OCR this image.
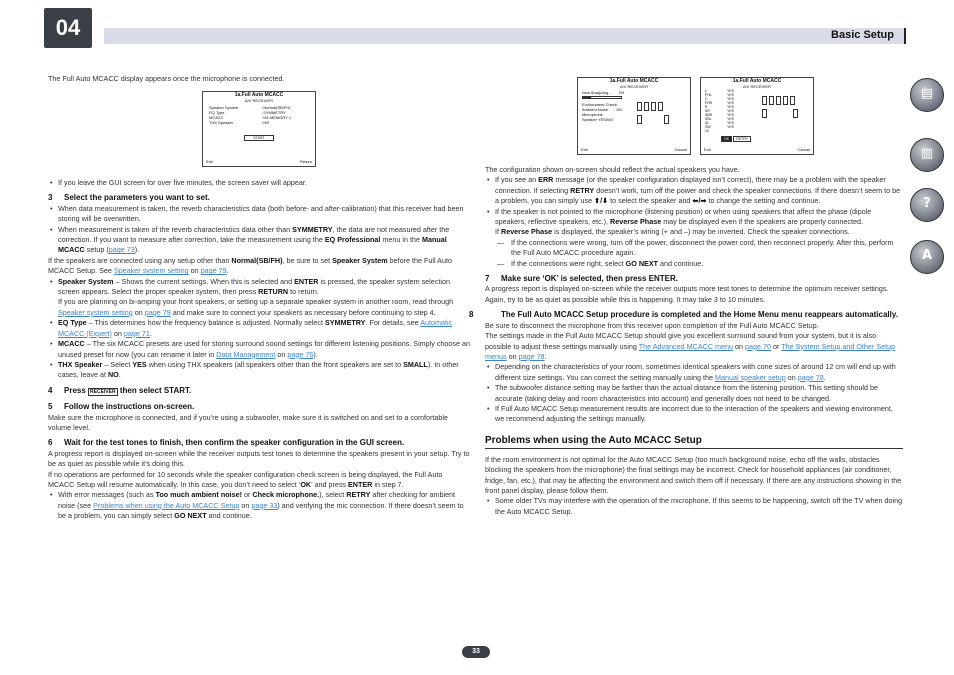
04	Basic Setup

The Full Auto MCACC display appears once the microphone is connected.

1a.Full Auto MCACC
A/V RECEIVER
Speaker System	: Normal(SB/FH)
EQ Type	: SYMMETRY
MCACC	: M1.MEMORY 1
THX Speaker	: NO
START
Exit	Return
• If you leave the GUI screen for over five minutes, the screen saver will appear.

3 Select the parameters you want to set.

• When data measurement is taken, the reverb characteristics data (both before- and after-calibration) that this receiver had been storing will be overwritten.
• When measurement is taken of the reverb characteristics data other than SYMMETRY, the data are not measured after the correction. If you want to measure after correction, take the measurement using the EQ Professional menu in the Manual MCACC setup (page 73).

If the speakers are connected using any setup other than Normal(SB/FH), be sure to set Speaker System before the Full Auto MCACC Setup. See Speaker system setting on page 79.

• Speaker System – Shows the current settings. When this is selected and ENTER is pressed, the speaker system selection screen appears. Select the proper speaker system, then press RETURN to return.
If you are planning on bi-amping your front speakers, or setting up a separate speaker system in another room, read through Speaker system setting on page 79 and make sure to connect your speakers as necessary before continuing to step 4.
• EQ Type – This determines how the frequency balance is adjusted. Normally select SYMMETRY. For details, see Automatic MCACC (Expert) on page 71.
• MCACC – The six MCACC presets are used for storing surround sound settings for different listening positions. Simply choose an unused preset for now (you can rename it later in Data Management on page 76).
• THX Speaker – Select YES when using THX speakers (all speakers other than the front speakers are set to SMALL). In other cases, leave at NO.

4 Press RECEIVER then select START.

5 Follow the instructions on-screen.

Make sure the microphone is connected, and if you’re using a subwoofer, make sure it is switched on and set to a comfortable volume level.

6 Wait for the test tones to finish, then confirm the speaker configuration in the GUI screen.

A progress report is displayed on-screen while the receiver outputs test tones to determine the speakers present in your setup. Try to be as quiet as possible while it’s doing this.

If no operations are performed for 10 seconds while the speaker configuration check screen is being displayed, the Full Auto MCACC Setup will resume automatically. In this case, you don’t need to select ‘OK’ and press ENTER in step 7.

• With error messages (such as Too much ambient noise! or Check microphone.), select RETRY after checking for ambient noise (see Problems when using the Auto MCACC Setup on page 33) and verifying the mic connection. If there doesn’t seem to be a problem, you can simply select GO NEXT and continue.
1a.Full Auto MCACC
A/V RECEIVER
Now Analyzing... 2/9
Environment Check
Ambient Noise : OK
Microphone
Speaker YES/NO

Exit	Cancel
1a.Full Auto MCACC
A/V RECEIVER
L	YES
FHL	YES
C	YES
FHR	YES
R	YES
SR	YES
SBR	YES
SBL	YES
SL	YES
SW	YES
10

OK RETRY
Exit	Cancel

The configuration shown on-screen should reflect the actual speakers you have.

• If you see an ERR message (or the speaker configuration displayed isn’t correct), there may be a problem with the speaker connection. If selecting RETRY doesn’t work, turn off the power and check the speaker connections. If there doesn’t seem to be a problem, you can simply use ⬆/⬇ to select the speaker and ⬅/➡ to change the setting and continue.
• If the speaker is not pointed to the microphone (listening position) or when using speakers that affect the phase (dipole speakers, reflective speakers, etc.), Reverse Phase may be displayed even if the speakers are properly connected.
If Reverse Phase is displayed, the speaker’s wiring (+ and –) may be inverted. Check the speaker connections.

— If the connections were wrong, turn off the power, disconnect the power cord, then reconnect properly. After this, perform the Full Auto MCACC procedure again.

— If the connections were right, select GO NEXT and continue.

7 Make sure ‘OK’ is selected, then press ENTER.

A progress report is displayed on-screen while the receiver outputs more test tones to determine the optimum receiver settings.

Again, try to be as quiet as possible while this is happening. It may take 3 to 10 minutes.

8	The Full Auto MCACC Setup procedure is completed and the Home Menu menu reappears automatically.

Be sure to disconnect the microphone from this receiver upon completion of the Full Auto MCACC Setup.

The settings made in the Full Auto MCACC Setup should give you excellent surround sound from your system, but it is also possible to adjust these settings manually using The Advanced MCACC menu on page 70 or The System Setup and Other Setup menus on page 78.

• Depending on the characteristics of your room, sometimes identical speakers with cone sizes of around 12 cm will end up with different size settings. You can correct the setting manually using the Manual speaker setup on page 78.
• The subwoofer distance setting may be farther than the actual distance from the listening position. This setting should be accurate (taking delay and room characteristics into account) and generally does not need to be changed.
• If Full Auto MCACC Setup measurement results are incorrect due to the interaction of the speakers and viewing environment, we recommend adjusting the settings manually.
Problems when using the Auto MCACC Setup

If the room environment is not optimal for the Auto MCACC Setup (too much background noise, echo off the walls, obstacles blocking the speakers from the microphone) the final settings may be incorrect. Check for household appliances (air conditioner, fridge, fan, etc.), that may be affecting the environment and switch them off if necessary. If there are any instructions showing in the front panel display, please follow them.

• Some older TVs may interfere with the operation of the microphone. If this seems to be happening, switch off the TV when doing the Auto MCACC Setup.
▤
▥
?
A
33
